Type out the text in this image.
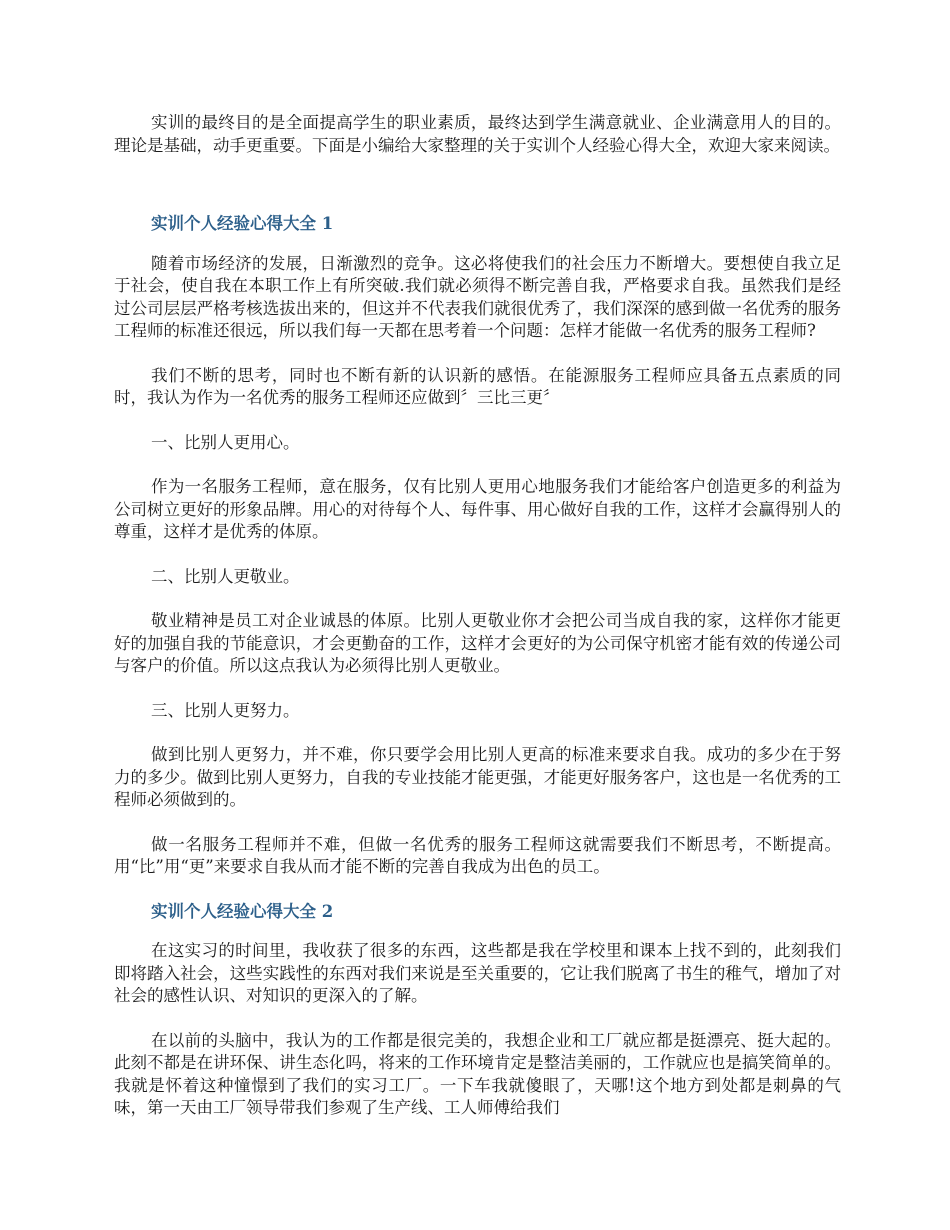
实训的最终目的是全面提高学生的职业素质，最终达到学生满意就业、企业满意用人的目的。理论是基础，动手更重要。下面是小编给大家整理的关于实训个人经验心得大全，欢迎大家来阅读。

实训个人经验心得大全 1

随着市场经济的发展，日渐激烈的竞争。这必将使我们的社会压力不断增大。要想使自我立足于社会，使自我在本职工作上有所突破.我们就必须得不断完善自我，严格要求自我。虽然我们是经过公司层层严格考核选拔出来的，但这并不代表我们就很优秀了，我们深深的感到做一名优秀的服务工程师的标准还很远，所以我们每一天都在思考着一个问题：怎样才能做一名优秀的服务工程师?

我们不断的思考，同时也不断有新的认识新的感悟。在能源服务工程师应具备五点素质的同时，我认为作为一名优秀的服务工程师还应做到〞三比三更〞

一、比别人更用心。

作为一名服务工程师，意在服务，仅有比别人更用心地服务我们才能给客户创造更多的利益为公司树立更好的形象品牌。用心的对待每个人、每件事、用心做好自我的工作，这样才会赢得别人的尊重，这样才是优秀的体原。

二、比别人更敬业。

敬业精神是员工对企业诚恳的体原。比别人更敬业你才会把公司当成自我的家，这样你才能更好的加强自我的节能意识，才会更勤奋的工作，这样才会更好的为公司保守机密才能有效的传递公司与客户的价值。所以这点我认为必须得比别人更敬业。

三、比别人更努力。

做到比别人更努力，并不难，你只要学会用比别人更高的标准来要求自我。成功的多少在于努力的多少。做到比别人更努力，自我的专业技能才能更强，才能更好服务客户，这也是一名优秀的工程师必须做到的。

做一名服务工程师并不难，但做一名优秀的服务工程师这就需要我们不断思考，不断提高。用“比”用“更”来要求自我从而才能不断的完善自我成为出色的员工。

实训个人经验心得大全 2

在这实习的时间里，我收获了很多的东西，这些都是我在学校里和课本上找不到的，此刻我们即将踏入社会，这些实践性的东西对我们来说是至关重要的，它让我们脱离了书生的稚气，增加了对社会的感性认识、对知识的更深入的了解。

在以前的头脑中，我认为的工作都是很完美的，我想企业和工厂就应都是挺漂亮、挺大起的。此刻不都是在讲环保、讲生态化吗，将来的工作环境肯定是整洁美丽的，工作就应也是搞笑简单的。我就是怀着这种憧憬到了我们的实习工厂。一下车我就傻眼了，天哪!这个地方到处都是刺鼻的气味，第一天由工厂领导带我们参观了生产线、工人师傅给我们
